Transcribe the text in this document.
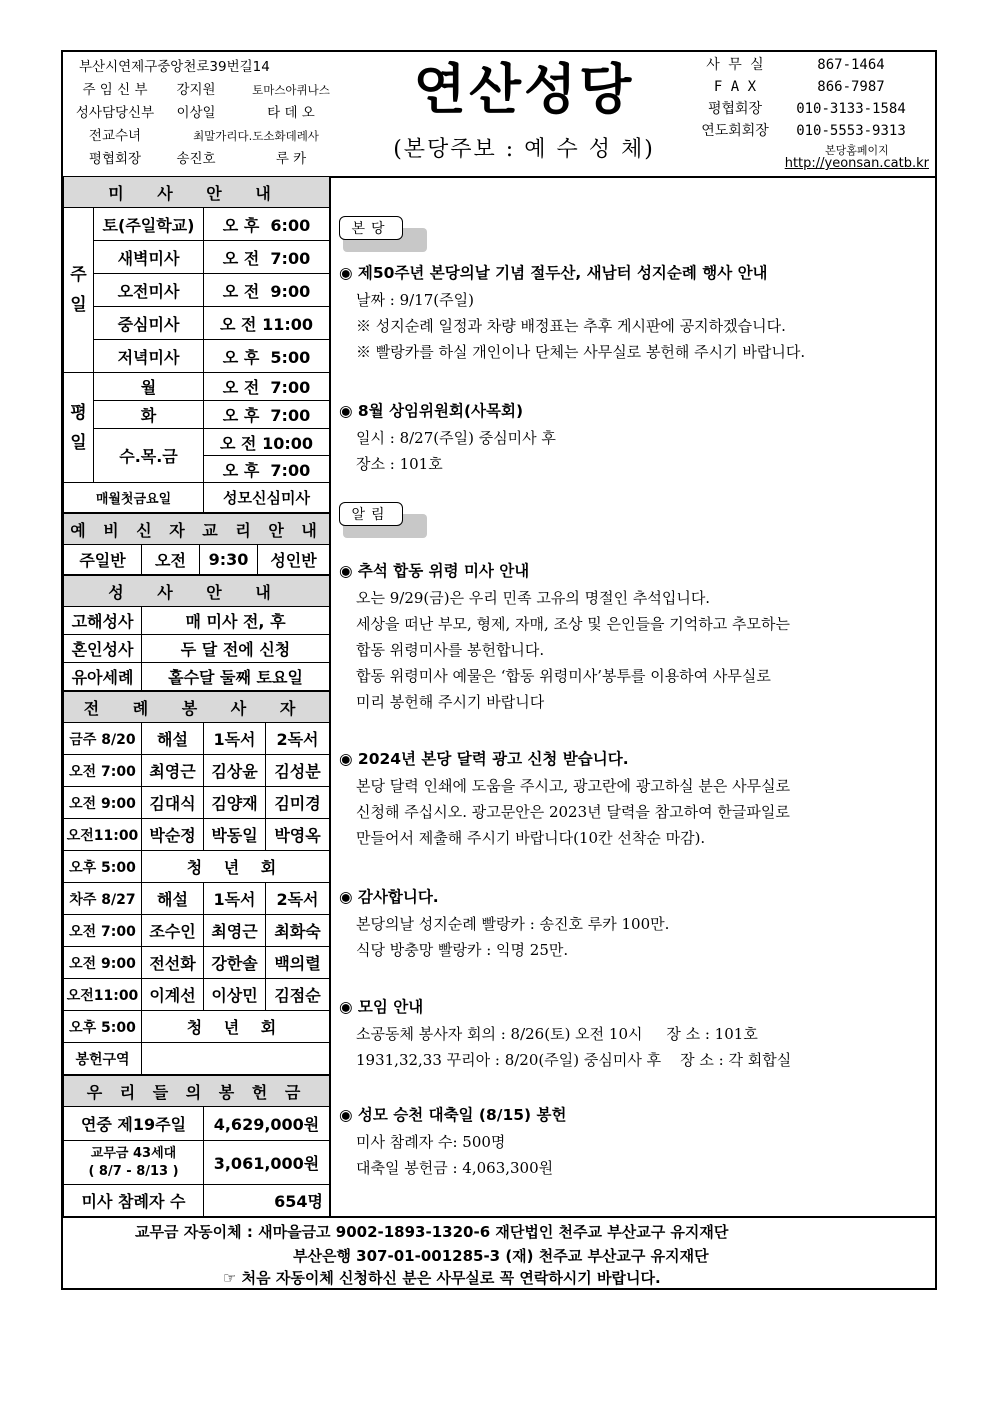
부산시연제구중앙천로39번길14
주 임 신 부 강지원	토마스아퀴나스
성사담당신부 이상일	타 데 오
전교수녀	최말가리다.도소화데레사
평협회장	송진호	루 카
연산성당
(본당주보 : 예 수 성 체)
사 무 실	867-1464
F A X	866-7987
평협회장 010-3133-1584
연도회회장 010-5553-9313
본당홈페이지
http://yeonsan.catb.kr
미 사 안 내		
주일	토(주일학교)	오 후  6:00
	새벽미사	오 전  7:00
	오전미사	오 전  9:00
	중심미사	오 전 11:00
	저녁미사	오 후  5:00
평일	월	오 전  7:00
	화	오 후  7:00
	수.목.금	오 전 10:00
		오 후  7:00
매월첫금요일		성모신심미사
예 비 신 자 교 리 안 내
주일반	오전	9:30	성인반
성 사 안 내	
고해성사	매 미사 전, 후
혼인성사	두 달 전에 신청
유아세례	홀수달 둘째 토요일
전 례 봉 사 자			
금주 8/20	해설	1독서	2독서
오전 7:00	최영근	김상윤	김성분
오전 9:00	김대식	김양재	김미경
오전11:00	박순정	박동일	박영옥
오후 5:00	청 년 회		
차주 8/27	해설	1독서	2독서
오전 7:00	조수인	최영근	최화숙
오전 9:00	전선화	강한솔	백의렬
오전11:00	이계선	이상민	김점순
오후 5:00	청 년 회		
봉헌구역			
우 리 들 의 봉 헌 금	
연중 제19주일	4,629,000원

교무금 43세대
( 8/7 - 8/13 )	3,061,000원
미사 참례자 수	654명
본당
◉ 제50주년 본당의날 기념 절두산, 새남터 성지순례 행사 안내
날짜 : 9/17(주일)
※ 성지순례 일정과 차량 배정표는 추후 게시판에 공지하겠습니다.
※ 빨랑카를 하실 개인이나 단체는 사무실로 봉헌해 주시기 바랍니다.
◉ 8월 상임위원회(사목회)
일시 : 8/27(주일) 중심미사 후
장소 : 101호
알림
◉ 추석 합동 위령 미사 안내
오는 9/29(금)은 우리 민족 고유의 명절인 추석입니다.
세상을 떠난 부모, 형제, 자매, 조상 및 은인들을 기억하고 추모하는
합동 위령미사를 봉헌합니다.
합동 위령미사 예물은 ‘합동 위령미사’봉투를 이용하여 사무실로
미리 봉헌해 주시기 바랍니다
◉ 2024년 본당 달력 광고 신청 받습니다.
본당 달력 인쇄에 도움을 주시고, 광고란에 광고하실 분은 사무실로
신청해 주십시오. 광고문안은 2023년 달력을 참고하여 한글파일로
만들어서 제출해 주시기 바랍니다(10칸 선착순 마감).
◉ 감사합니다.
본당의날 성지순례 빨랑카 : 송진호 루카 100만.
식당 방충망 빨랑카 : 익명 25만.
◉ 모임 안내
소공동체 봉사자 회의 : 8/26(토) 오전 10시     장 소 : 101호
1931,32,33 꾸리아 : 8/20(주일) 중심미사 후    장 소 : 각 회합실
◉ 성모 승천 대축일 (8/15) 봉헌
미사 참례자 수: 500명
대축일 봉헌금 : 4,063,300원
교무금 자동이체 : 새마을금고 9002-1893-1320-6 재단법인 천주교 부산교구 유지재단
부산은행 307-01-001285-3 (재) 천주교 부산교구 유지재단
☞ 처음 자동이체 신청하신 분은 사무실로 꼭 연락하시기 바랍니다.
